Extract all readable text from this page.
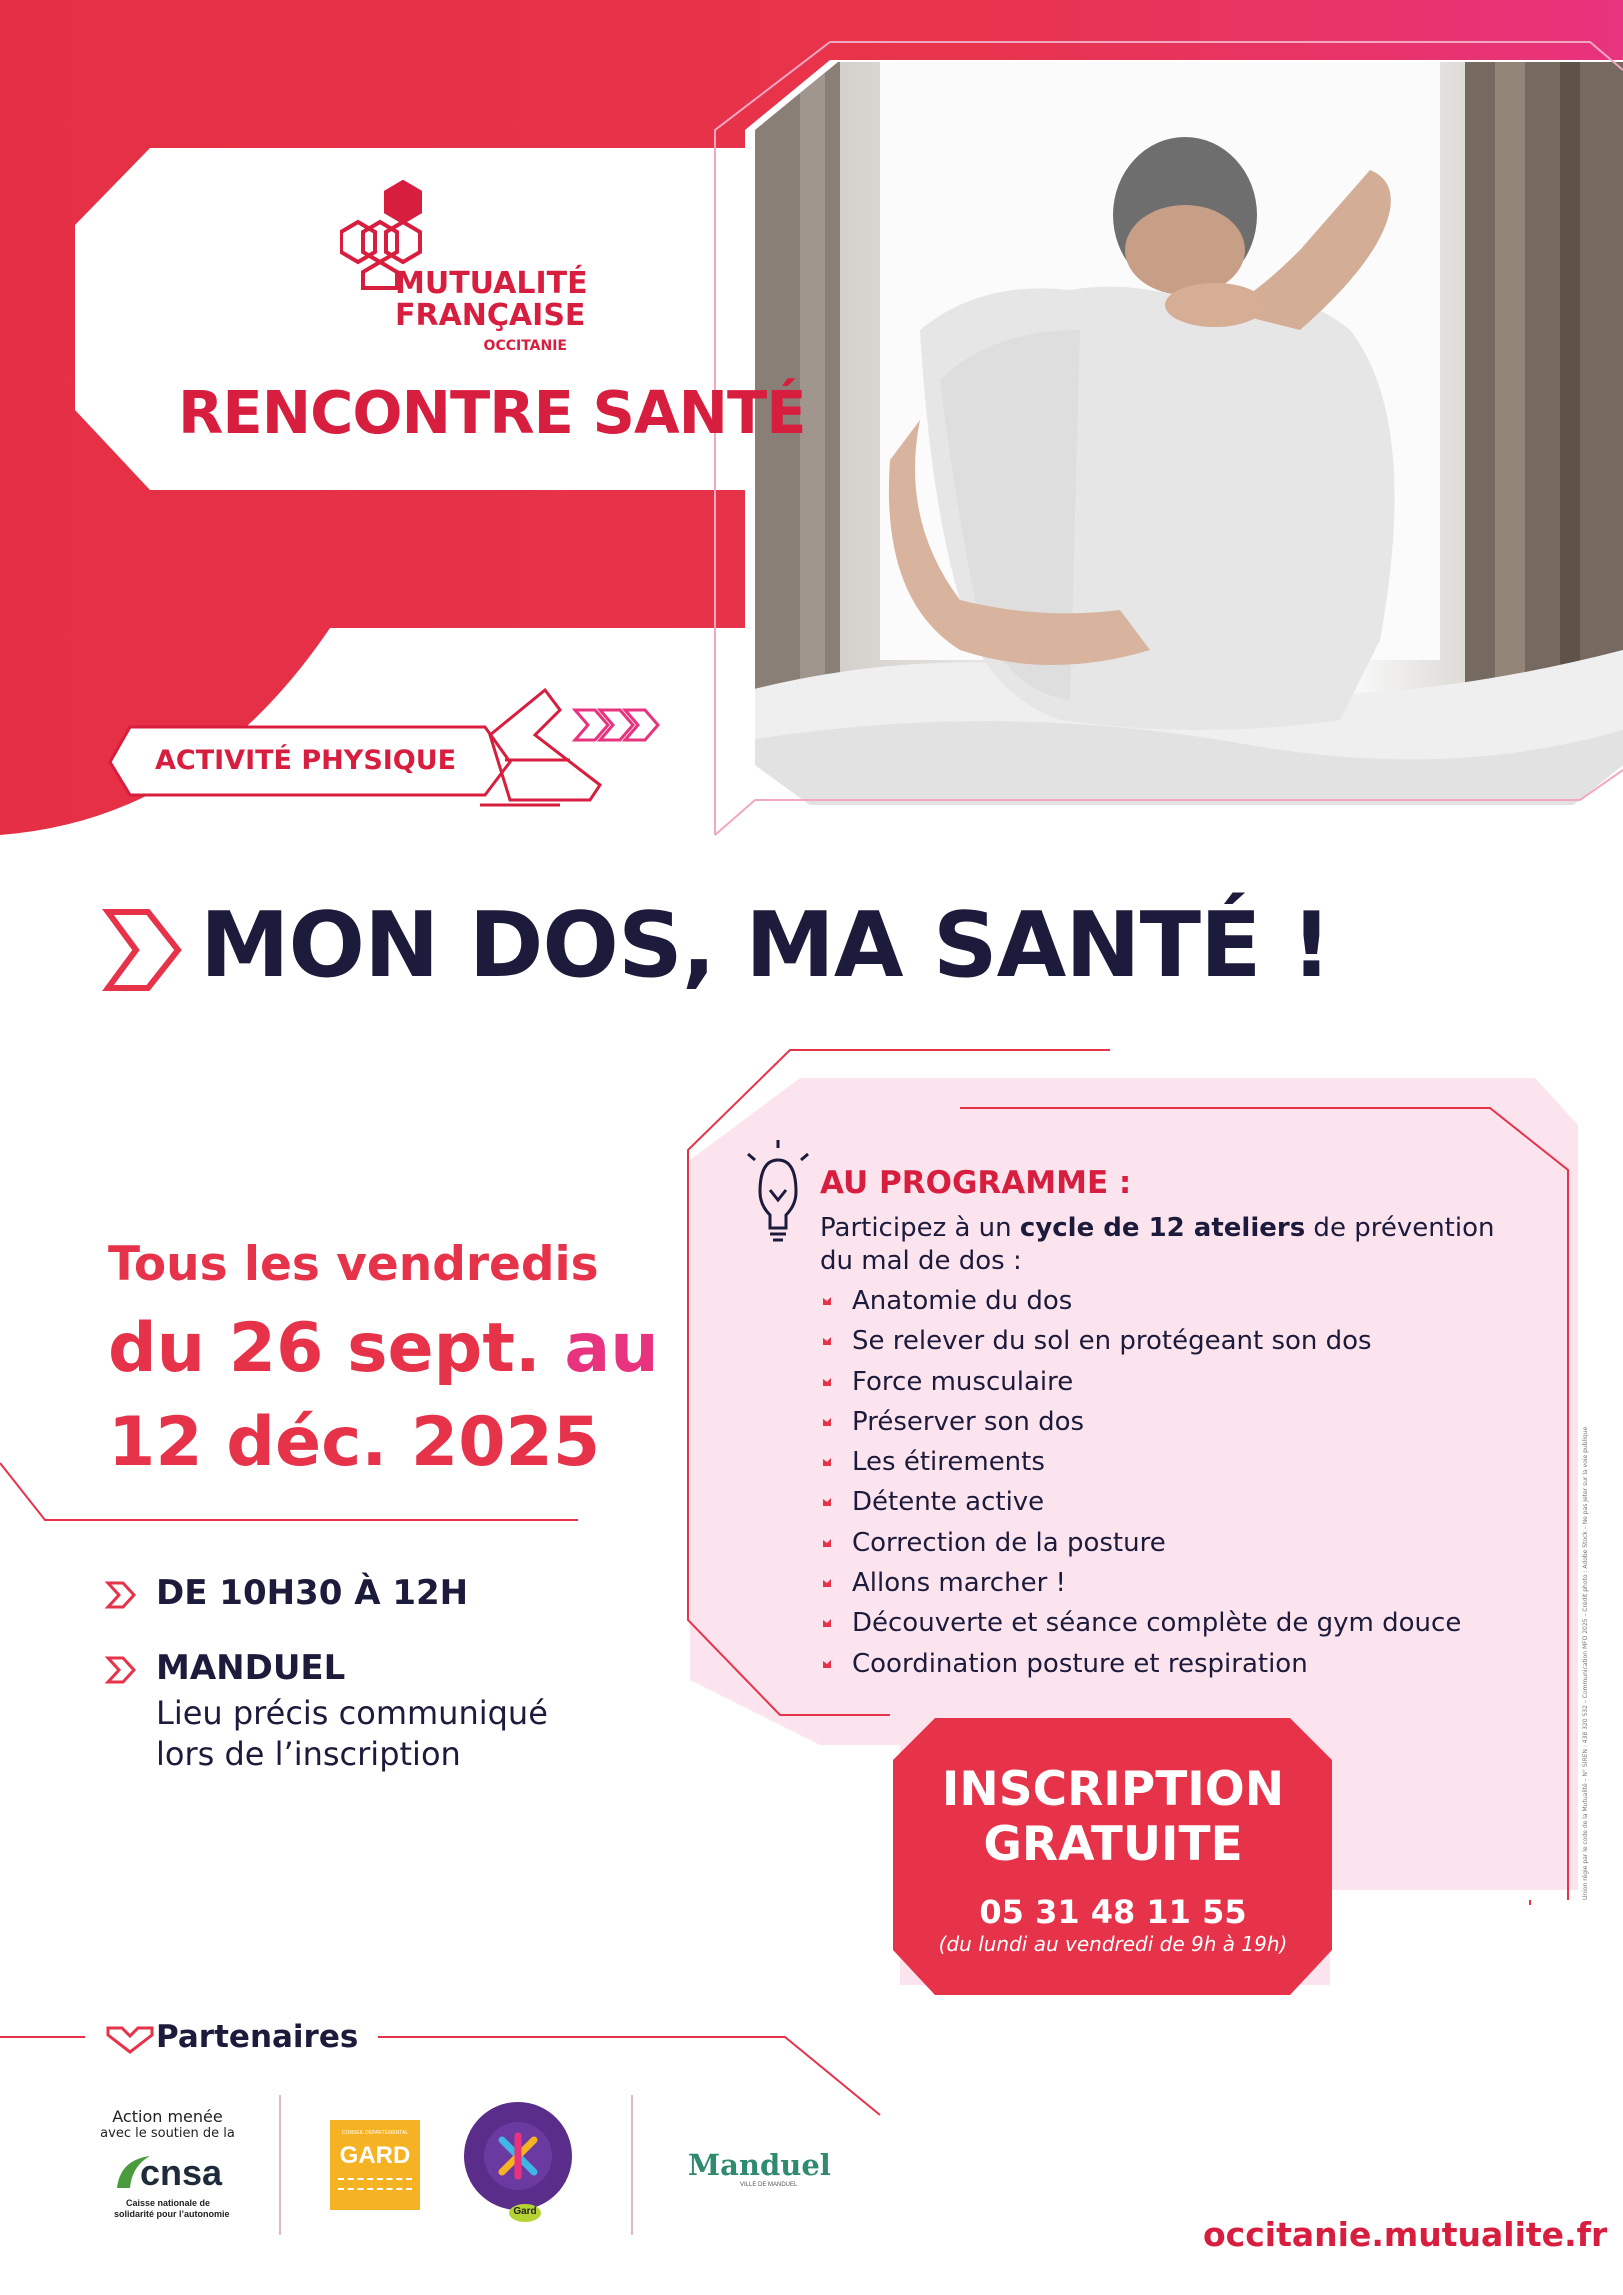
MUTUALITÉ
FRANÇAISE
OCCITANIE
RENCONTRE SANTÉ
ACTIVITÉ PHYSIQUE
MON DOS, MA SANTÉ !
Tous les vendredis
du 26 sept. au
12 déc. 2025
DE 10H30 À 12H
MANDUEL
Lieu précis communiqué
lors de l’inscription
AU PROGRAMME :
Participez à un cycle de 12 ateliers de prévention
du mal de dos :
Anatomie du dos
Se relever du sol en protégeant son dos
Force musculaire
Préserver son dos
Les étirements
Détente active
Correction de la posture
Allons marcher !
Découverte et séance complète de gym douce
Coordination posture et respiration
INSCRIPTION
GRATUITE
05 31 48 11 55
(du lundi au vendredi de 9h à 19h)
Partenaires
Action menée
avec le soutien de la
cnsa
Caisse nationale de
solidarité pour l’autonomie
CONSEIL DÉPARTEMENTAL
GARD
Gard
Manduel
VILLE DE MANDUEL
occitanie.mutualite.fr
Union régie par le code de la Mutualité – N° SIREN : 438 320 532 – Communication MFO 2025 – Crédit photo : Adobe Stock – Ne pas jeter sur la voie publique
